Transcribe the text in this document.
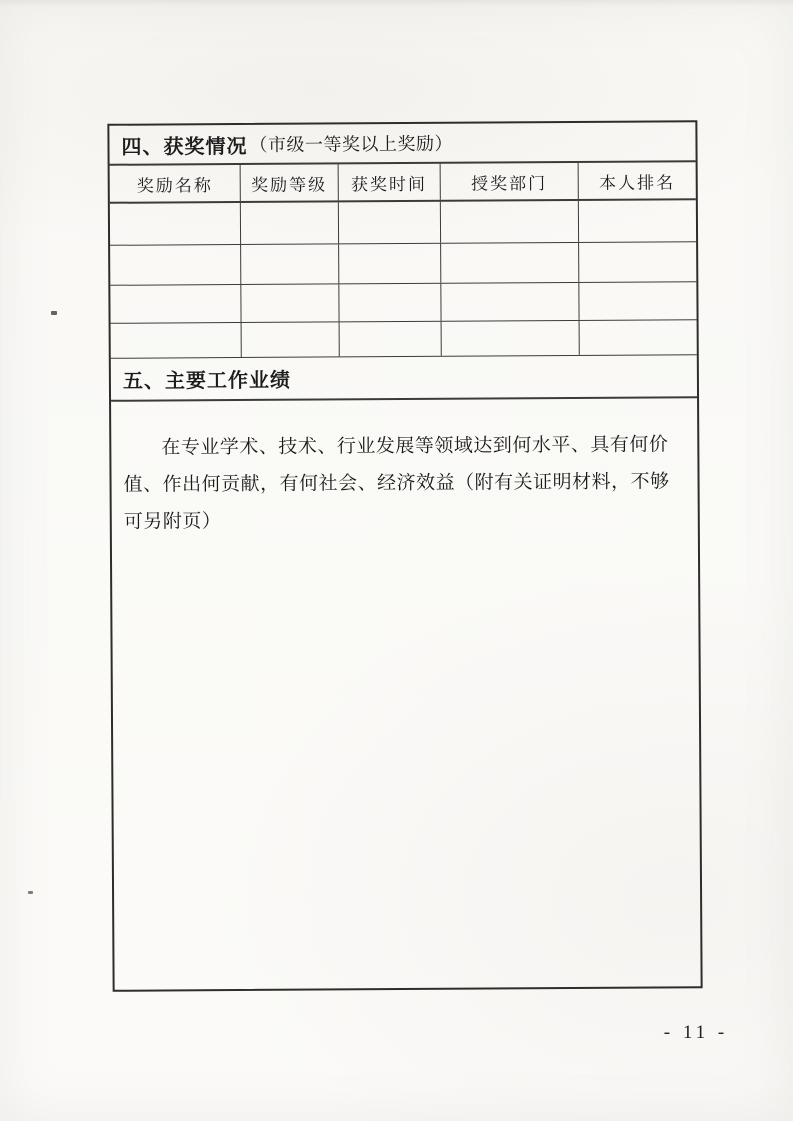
四、获奖情况 （市级一等奖以上奖励）
奖励名称	奖励等级	获奖时间	授奖部门	本人排名
五、主要工作业绩

在专业学术、技术、行业发展等领域达到何水平、具有何价值、作出何贡献，有何社会、经济效益（附有关证明材料，不够可另附页）

- 11 -
